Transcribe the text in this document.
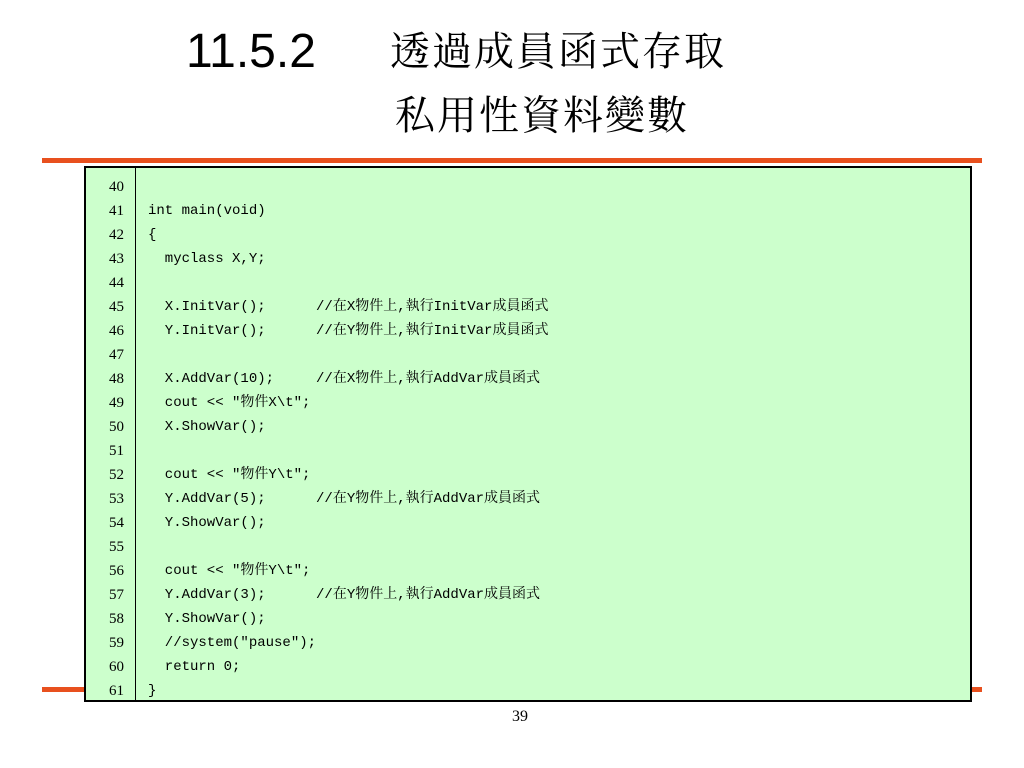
11.5.2 透過成員函式存取
私用性資料變數
40
41
42
43
44
45
46
47
48
49
50
51
52
53
54
55
56
57
58
59
60
61
int main(void)
{
myclass X,Y;
X.InitVar();      //在X物件上,執行InitVar成員函式
Y.InitVar();      //在Y物件上,執行InitVar成員函式
X.AddVar(10);     //在X物件上,執行AddVar成員函式
cout << "物件X\t";
X.ShowVar();
cout << "物件Y\t";
Y.AddVar(5);      //在Y物件上,執行AddVar成員函式
Y.ShowVar();
cout << "物件Y\t";
Y.AddVar(3);      //在Y物件上,執行AddVar成員函式
Y.ShowVar();
//system("pause");
return 0;
}
39
